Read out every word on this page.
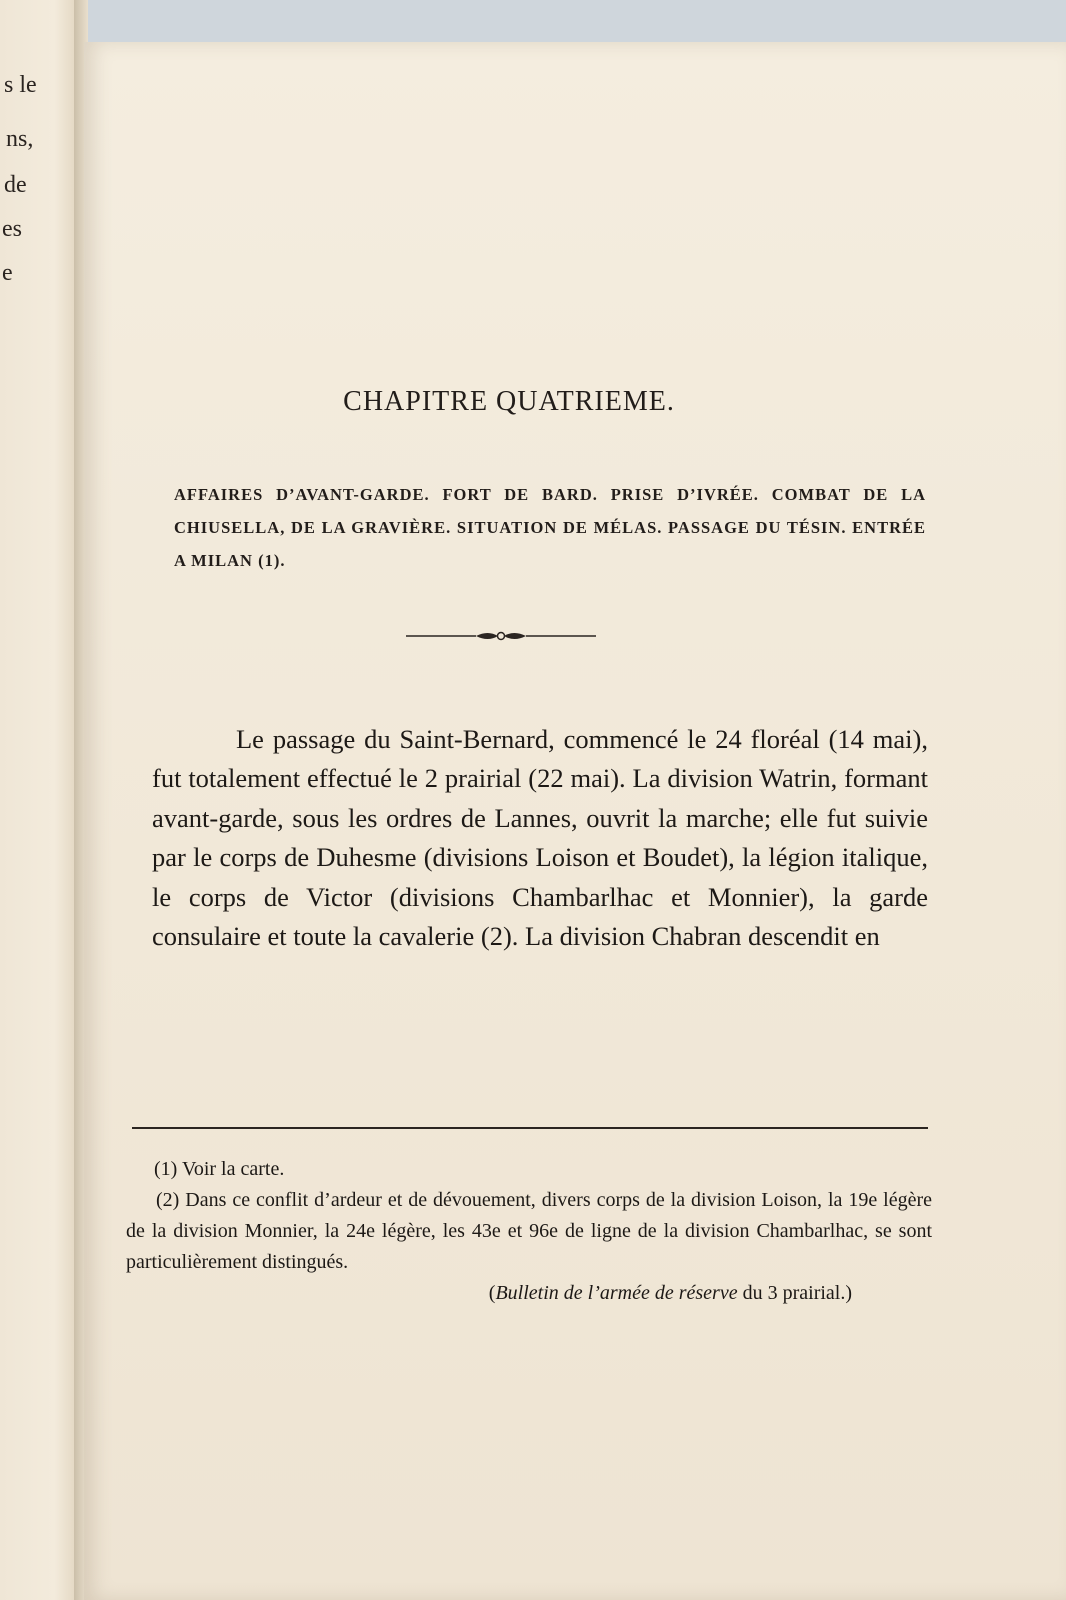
s le
ns,
de
es
e
CHAPITRE QUATRIEME.

AFFAIRES D’AVANT-GARDE. FORT DE BARD. PRISE D’IVRÉE. COMBAT DE LA CHIUSELLA, DE LA GRAVIÈRE. SITUATION DE MÉLAS. PASSAGE DU TÉSIN. ENTRÉE A MILAN (1).

Le passage du Saint-Bernard, commencé le 24 floréal (14 mai), fut totalement effectué le 2 prairial (22 mai). La division Watrin, formant avant-garde, sous les ordres de Lannes, ouvrit la marche; elle fut suivie par le corps de Duhesme (divisions Loison et Boudet), la légion italique, le corps de Victor (divisions Chambarlhac et Monnier), la garde consulaire et toute la cavalerie (2). La division Chabran descendit en

(1) Voir la carte.

(2) Dans ce conflit d’ardeur et de dévouement, divers corps de la division Loison, la 19e légère de la division Monnier, la 24e légère, les 43e et 96e de ligne de la division Chambarlhac, se sont particulièrement distingués.

(Bulletin de l’armée de réserve du 3 prairial.)
